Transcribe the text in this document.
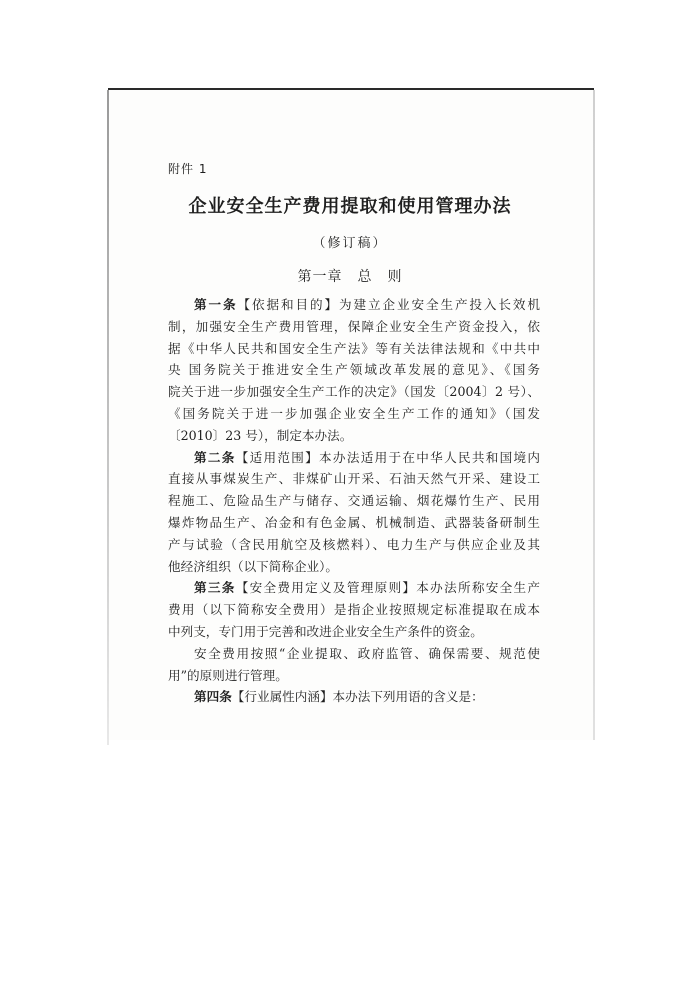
附件 1
企业安全生产费用提取和使用管理办法
（修订稿）
第一章　总　则
第一条【依据和目的】为建立企业安全生产投入长效机
制，加强安全生产费用管理，保障企业安全生产资金投入，依
据《中华人民共和国安全生产法》等有关法律法规和《中共中
央 国务院关于推进安全生产领域改革发展的意见》、《国务
院关于进一步加强安全生产工作的决定》（国发〔2004〕2 号）、
《国务院关于进一步加强企业安全生产工作的通知》（国发
〔2010〕23 号），制定本办法。
第二条【适用范围】本办法适用于在中华人民共和国境内
直接从事煤炭生产、非煤矿山开采、石油天然气开采、建设工
程施工、危险品生产与储存、交通运输、烟花爆竹生产、民用
爆炸物品生产、冶金和有色金属、机械制造、武器装备研制生
产与试验（含民用航空及核燃料）、电力生产与供应企业及其
他经济组织（以下简称企业）。
第三条【安全费用定义及管理原则】本办法所称安全生产
费用（以下简称安全费用）是指企业按照规定标准提取在成本
中列支，专门用于完善和改进企业安全生产条件的资金。
安全费用按照“企业提取、政府监管、确保需要、规范使
用”的原则进行管理。
第四条【行业属性内涵】本办法下列用语的含义是：
